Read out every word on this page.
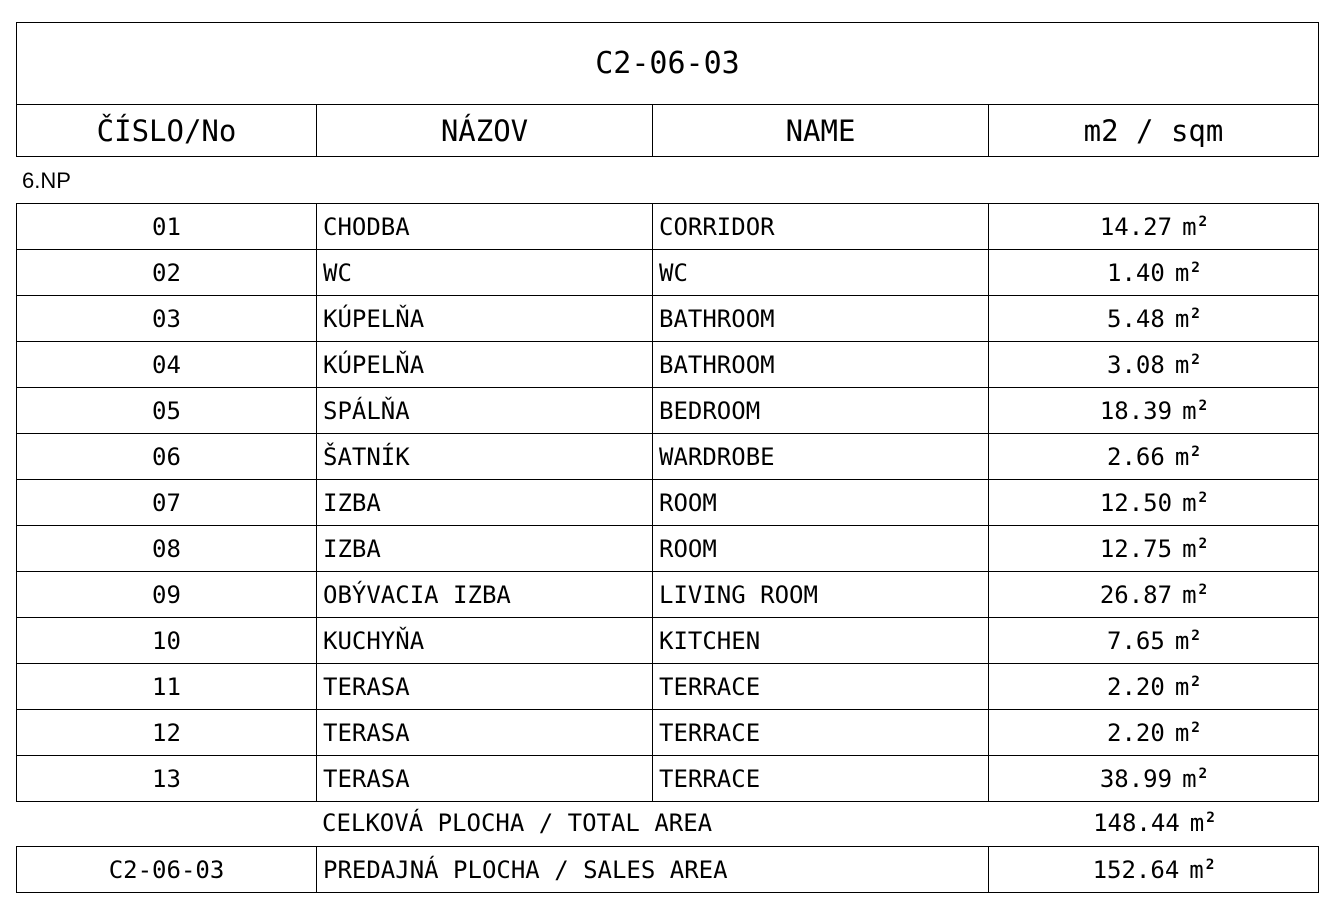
C2-06-03
ČÍSLO/No	NÁZOV	NAME	m2 / sqm
6.NP
01	CHODBA	CORRIDOR	14.27 m $^2$
02	WC	WC	1.40 m $^2$
03	KÚPELŇA	BATHROOM	5.48 m $^2$
04	KÚPELŇA	BATHROOM	3.08 m $^2$
05	SPÁLŇA	BEDROOM	18.39 m $^2$
06	ŠATNÍK	WARDROBE	2.66 m $^2$
07	IZBA	ROOM	12.50 m $^2$
08	IZBA	ROOM	12.75 m $^2$
09	OBÝVACIA IZBA	LIVING ROOM	26.87 m $^2$
10	KUCHYŇA	KITCHEN	7.65 m $^2$
11	TERASA	TERRACE	2.20 m $^2$
12	TERASA	TERRACE	2.20 m $^2$
13	TERASA	TERRACE	38.99 m $^2$
CELKOVÁ PLOCHA / TOTAL AREA	148.44 m $^2$
C2-06-03	PREDAJNÁ PLOCHA / SALES AREA	152.64 m $^2$
